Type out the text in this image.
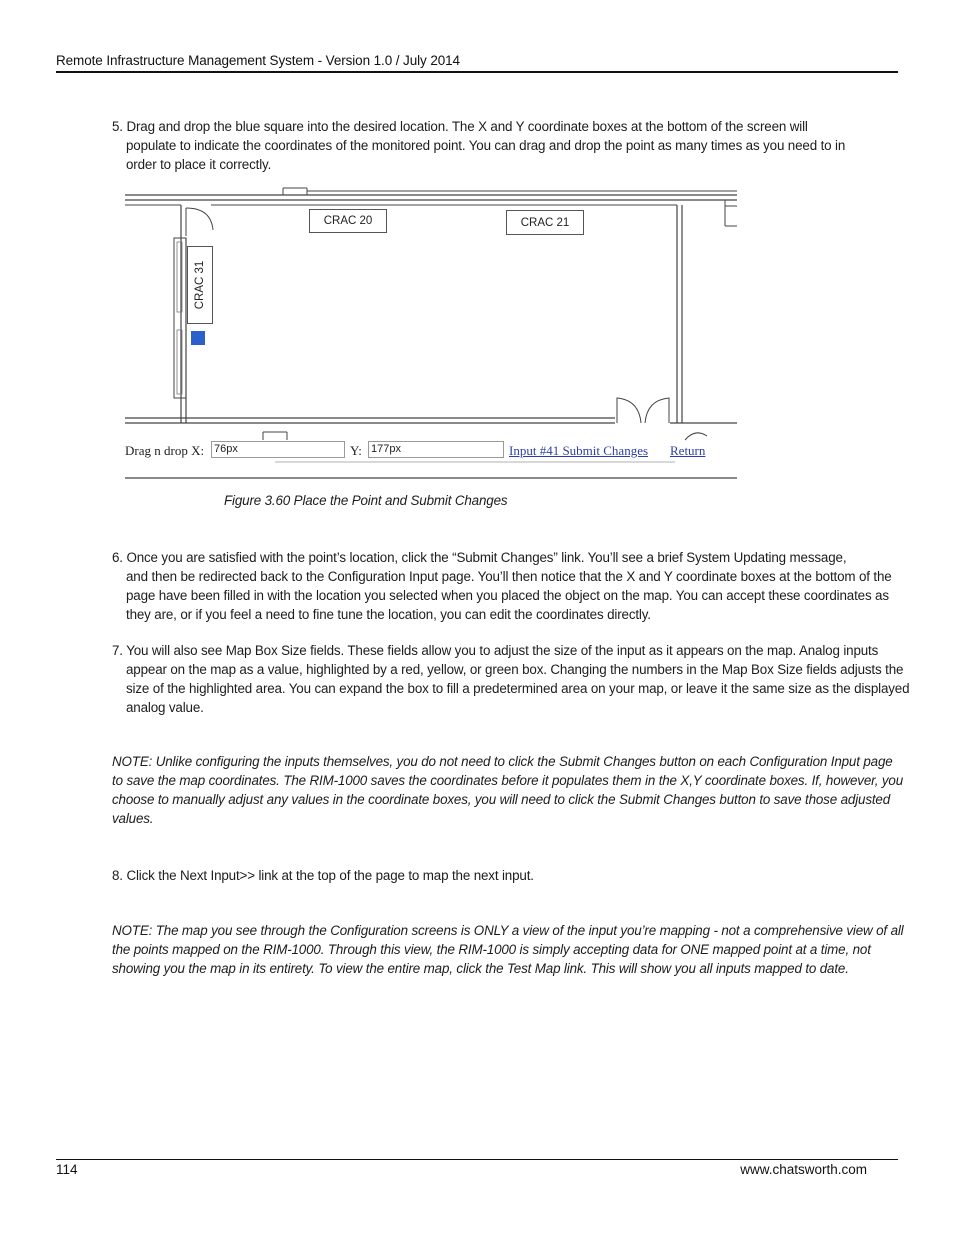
Remote Infrastructure Management System - Version 1.0 / July 2014
5. Drag and drop the blue square into the desired location. The X and Y coordinate boxes at the bottom of the screen will
populate to indicate the coordinates of the monitored point. You can drag and drop the point as many times as you need to in
order to place it correctly.
CRAC 20	CRAC 21
CRAC 31
Drag n drop X: 76px	Y: 177px	Input #41 Submit Changes Return
Figure 3.60 Place the Point and Submit Changes
6. Once you are satisfied with the point’s location, click the “Submit Changes” link. You’ll see a brief System Updating message,
and then be redirected back to the Configuration Input page. You’ll then notice that the X and Y coordinate boxes at the bottom of the
page have been filled in with the location you selected when you placed the object on the map. You can accept these coordinates as
they are, or if you feel a need to fine tune the location, you can edit the coordinates directly.
7. You will also see Map Box Size fields. These fields allow you to adjust the size of the input as it appears on the map. Analog inputs
appear on the map as a value, highlighted by a red, yellow, or green box. Changing the numbers in the Map Box Size fields adjusts the
size of the highlighted area. You can expand the box to fill a predetermined area on your map, or leave it the same size as the displayed
analog value.
NOTE: Unlike configuring the inputs themselves, you do not need to click the Submit Changes button on each Configuration Input page
to save the map coordinates. The RIM-1000 saves the coordinates before it populates them in the X,Y coordinate boxes. If, however, you
choose to manually adjust any values in the coordinate boxes, you will need to click the Submit Changes button to save those adjusted
values.
8. Click the Next Input>> link at the top of the page to map the next input.
NOTE: The map you see through the Configuration screens is ONLY a view of the input you’re mapping - not a comprehensive view of all
the points mapped on the RIM-1000. Through this view, the RIM-1000 is simply accepting data for ONE mapped point at a time, not
showing you the map in its entirety. To view the entire map, click the Test Map link. This will show you all inputs mapped to date.
114	www.chatsworth.com
